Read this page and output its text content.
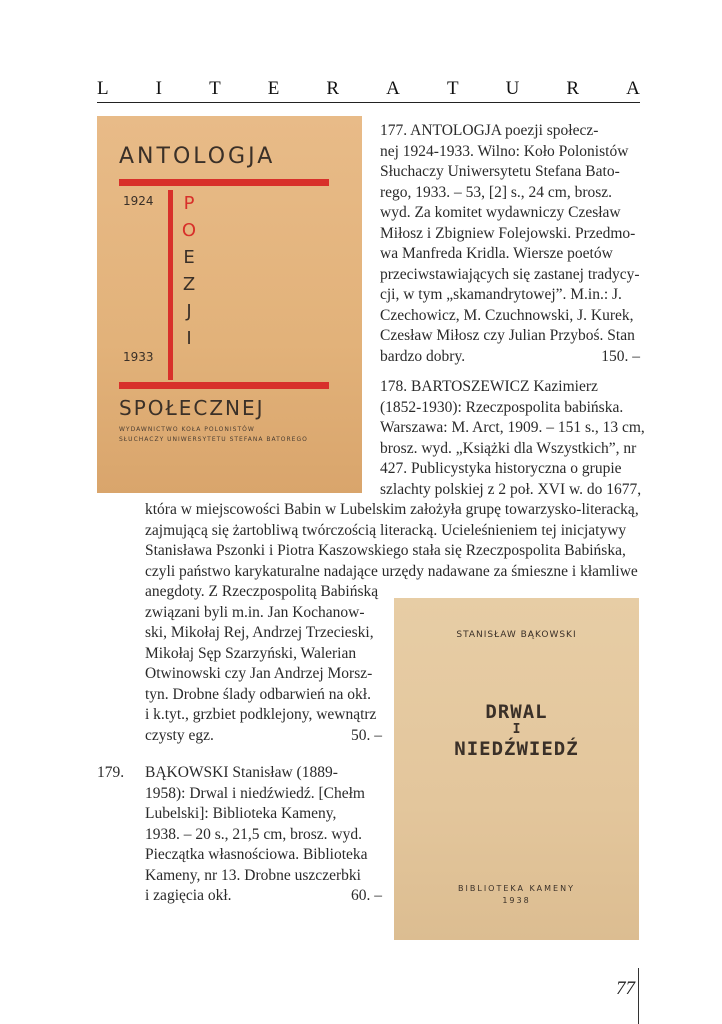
L I T E R A T U R A
ANTOLOGJA
1924
1933
P
O
E
Z
J
I
SPOŁECZNEJ
WYDAWNICTWO KOŁA POLONISTÓW
SŁUCHACZY UNIWERSYTETU STEFANA BATOREGO
177. ANTOLOGJA poezji społecz-
nej 1924-1933. Wilno: Koło Polonistów
Słuchaczy Uniwersytetu Stefana Bato-
rego, 1933. – 53, [2] s., 24 cm, brosz.
wyd. Za komitet wydawniczy Czesław
Miłosz i Zbigniew Folejowski. Przedmo-
wa Manfreda Kridla. Wiersze poetów
przeciwstawiających się zastanej tradycy-
cji, w tym „skamandrytowej”. M.in.: J.
Czechowicz, M. Czuchnowski, J. Kurek,
Czesław Miłosz czy Julian Przyboś. Stan
bardzo dobry.	150. –
178. BARTOSZEWICZ Kazimierz
(1852-1930): Rzeczpospolita babińska.
Warszawa: M. Arct, 1909. – 151 s., 13 cm,
brosz. wyd. „Książki dla Wszystkich”, nr
427. Publicystyka historyczna o grupie
szlachty polskiej z 2 poł. XVI w. do 1677,
która w miejscowości Babin w Lubelskim założyła grupę towarzysko-literacką,
zajmującą się żartobliwą twórczością literacką. Ucieleśnieniem tej inicjatywy
Stanisława Pszonki i Piotra Kaszowskiego stała się Rzeczpospolita Babińska,
czyli państwo karykaturalne nadające urzędy nadawane za śmieszne i kłamliwe
anegdoty. Z Rzeczpospolitą Babińską
związani byli m.in. Jan Kochanow-
ski, Mikołaj Rej, Andrzej Trzecieski,
Mikołaj Sęp Szarzyński, Walerian
Otwinowski czy Jan Andrzej Morsz-
tyn. Drobne ślady odbarwień na okł.
i k.tyt., grzbiet podklejony, wewnątrz
czysty egz.	50. –
179.	BĄKOWSKI Stanisław (1889-
1958): Drwal i niedźwiedź. [Chełm
Lubelski]: Biblioteka Kameny,
1938. – 20 s., 21,5 cm, brosz. wyd.
Pieczątka własnościowa. Biblioteka
Kameny, nr 13. Drobne uszczerbki
i zagięcia okł.	60. –
STANISŁAW BĄKOWSKI
DRWAL
I
NIEDŹWIEDŹ
BIBLIOTEKA KAMENY
1938
77
